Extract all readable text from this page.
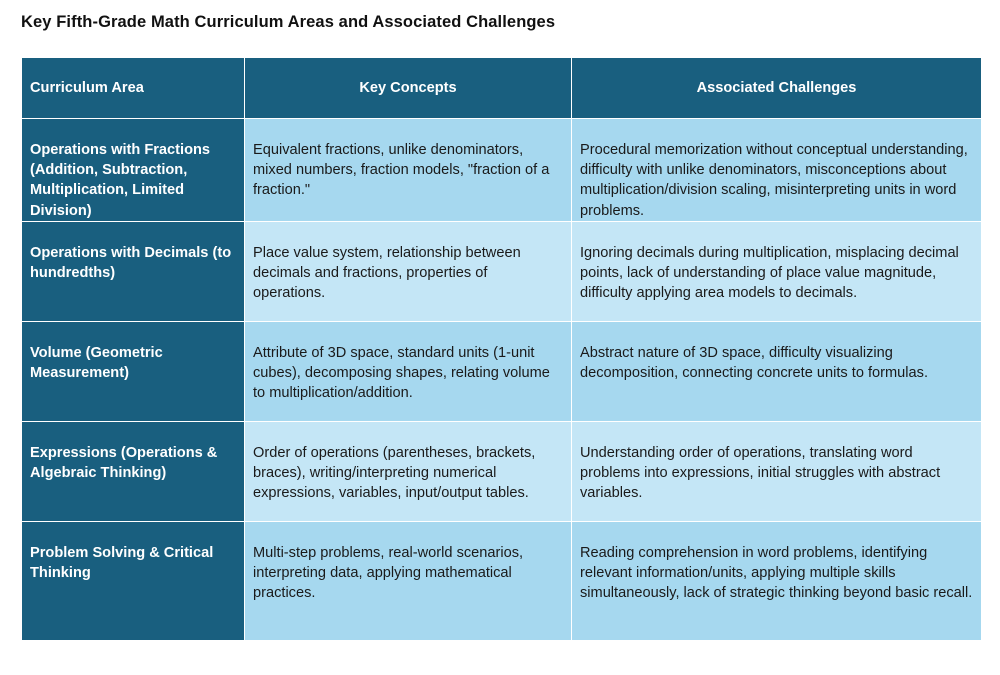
Key Fifth-Grade Math Curriculum Areas and Associated Challenges
Curriculum Area	Key Concepts	Associated Challenges
Operations with Fractions (Addition, Subtraction, Multiplication, Limited Division)	Equivalent fractions, unlike denominators, mixed numbers, fraction models, "fraction of a fraction."	Procedural memorization without conceptual understanding, difficulty with unlike denominators, misconceptions about multiplication/division scaling, misinterpreting units in word problems.
Operations with Decimals (to hundredths)	Place value system, relationship between decimals and fractions, properties of operations.	Ignoring decimals during multiplication, misplacing decimal points, lack of understanding of place value magnitude, difficulty applying area models to decimals.
Volume (Geometric Measurement)	Attribute of 3D space, standard units (1-unit cubes), decomposing shapes, relating volume to multiplication/addition.	Abstract nature of 3D space, difficulty visualizing decomposition, connecting concrete units to formulas.
Expressions (Operations & Algebraic Thinking)	Order of operations (parentheses, brackets, braces), writing/interpreting numerical expressions, variables, input/output tables.	Understanding order of operations, translating word problems into expressions, initial struggles with abstract variables.
Problem Solving & Critical Thinking	Multi-step problems, real-world scenarios, interpreting data, applying mathematical practices.	Reading comprehension in word problems, identifying relevant information/units, applying multiple skills simultaneously, lack of strategic thinking beyond basic recall.
